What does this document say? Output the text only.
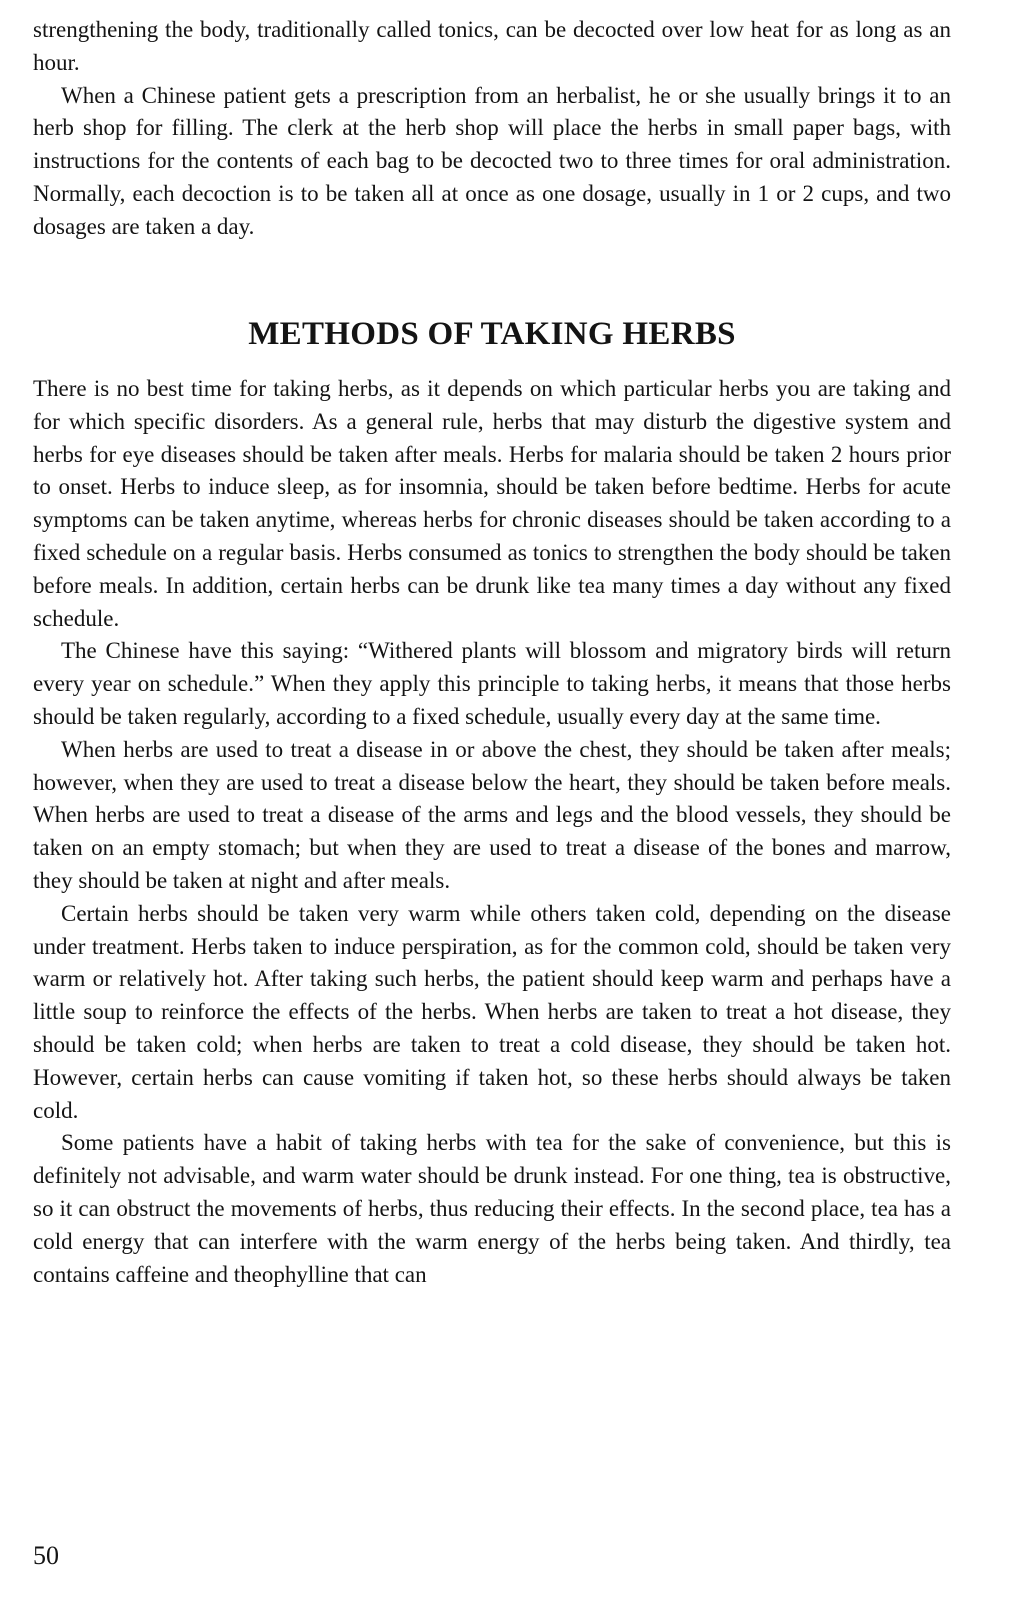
strengthening the body, traditionally called tonics, can be decocted over low heat for as long as an hour.

When a Chinese patient gets a prescription from an herbalist, he or she usually brings it to an herb shop for filling. The clerk at the herb shop will place the herbs in small paper bags, with instructions for the contents of each bag to be decocted two to three times for oral administration. Normally, each decoction is to be taken all at once as one dosage, usually in 1 or 2 cups, and two dosages are taken a day.

METHODS OF TAKING HERBS

There is no best time for taking herbs, as it depends on which particular herbs you are taking and for which specific disorders. As a general rule, herbs that may disturb the digestive system and herbs for eye diseases should be taken after meals. Herbs for malaria should be taken 2 hours prior to onset. Herbs to induce sleep, as for insomnia, should be taken before bedtime. Herbs for acute symptoms can be taken anytime, whereas herbs for chronic diseases should be taken according to a fixed schedule on a regular basis. Herbs consumed as tonics to strengthen the body should be taken before meals. In addition, certain herbs can be drunk like tea many times a day without any fixed schedule.

The Chinese have this saying: “Withered plants will blossom and migratory birds will return every year on schedule.” When they apply this principle to taking herbs, it means that those herbs should be taken regularly, according to a fixed schedule, usually every day at the same time.

When herbs are used to treat a disease in or above the chest, they should be taken after meals; however, when they are used to treat a disease below the heart, they should be taken before meals. When herbs are used to treat a disease of the arms and legs and the blood vessels, they should be taken on an empty stomach; but when they are used to treat a disease of the bones and marrow, they should be taken at night and after meals.

Certain herbs should be taken very warm while others taken cold, depending on the disease under treatment. Herbs taken to induce perspiration, as for the common cold, should be taken very warm or relatively hot. After taking such herbs, the patient should keep warm and perhaps have a little soup to reinforce the effects of the herbs. When herbs are taken to treat a hot disease, they should be taken cold; when herbs are taken to treat a cold disease, they should be taken hot. However, certain herbs can cause vomiting if taken hot, so these herbs should always be taken cold.

Some patients have a habit of taking herbs with tea for the sake of convenience, but this is definitely not advisable, and warm water should be drunk instead. For one thing, tea is obstructive, so it can obstruct the movements of herbs, thus reducing their effects. In the second place, tea has a cold energy that can interfere with the warm energy of the herbs being taken. And thirdly, tea contains caffeine and theophylline that can

50
